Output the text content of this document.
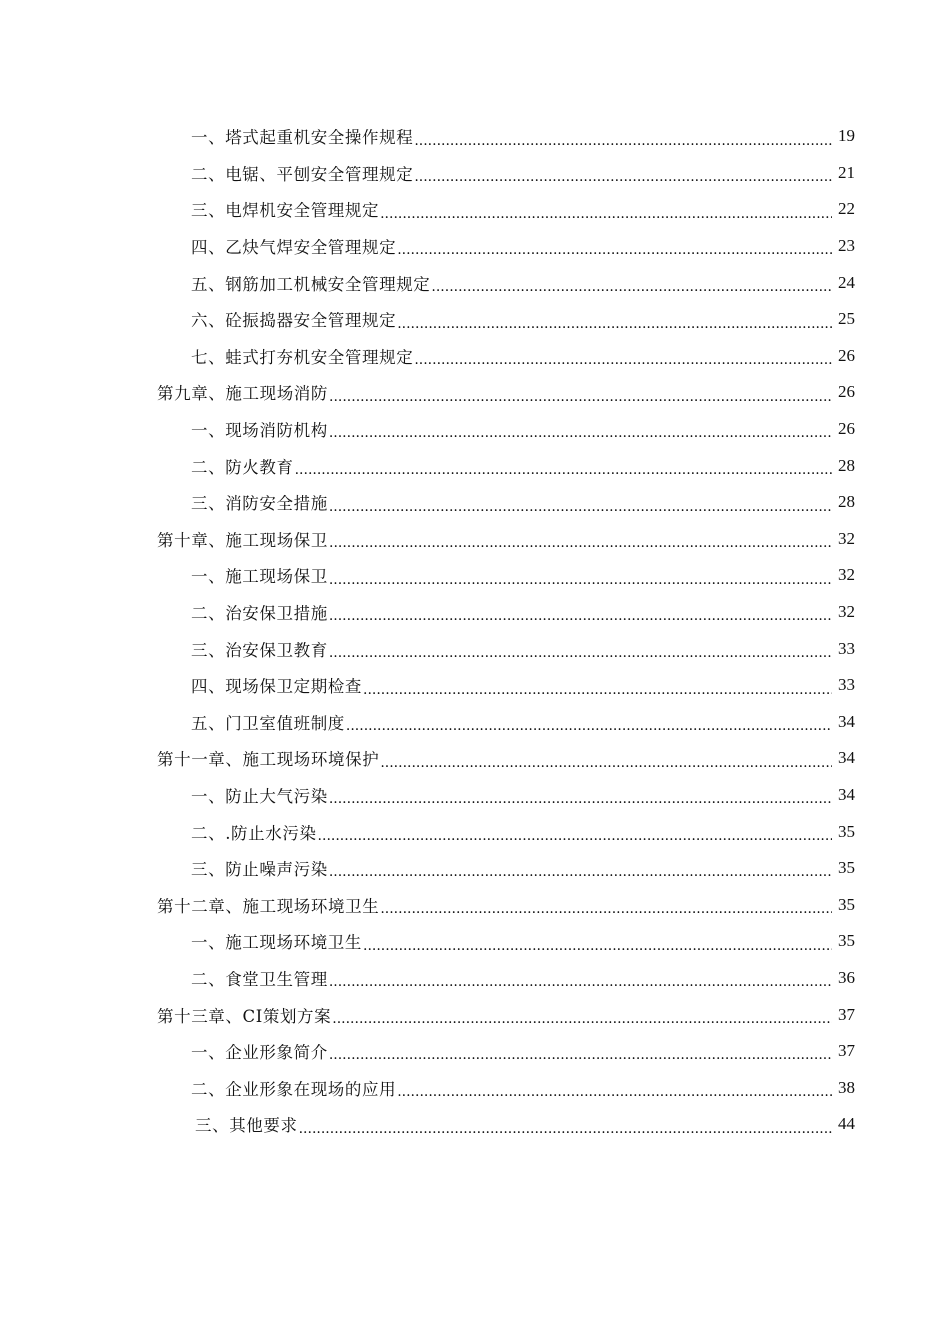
一、塔式起重机安全操作规程 .....	19
二、电锯、平刨安全管理规定 .....	21
三、电焊机安全管理规定 .....	22
四、乙炔气焊安全管理规定 .....	23
五、钢筋加工机械安全管理规定 .....	24
六、砼振捣器安全管理规定 .....	25
七、蛙式打夯机安全管理规定 .....	26
第九章、施工现场消防 .....	26
一、现场消防机构 .....	26
二、防火教育 .....	28
三、消防安全措施 .....	28
第十章、施工现场保卫 .....	32
一、施工现场保卫 .....	32
二、治安保卫措施 .....	32
三、治安保卫教育 .....	33
四、现场保卫定期检查 .....	33
五、门卫室值班制度 .....	34
第十一章、施工现场环境保护 .....	34
一、防止大气污染 .....	34
二、.防止水污染 .....	35
三、防止噪声污染 .....	35
第十二章、施工现场环境卫生 .....	35
一、施工现场环境卫生 .....	35
二、食堂卫生管理 .....	36
第十三章、CI策划方案 .....	37
一、企业形象简介 .....	37
二、企业形象在现场的应用 .....	38
三、其他要求 .....	44
